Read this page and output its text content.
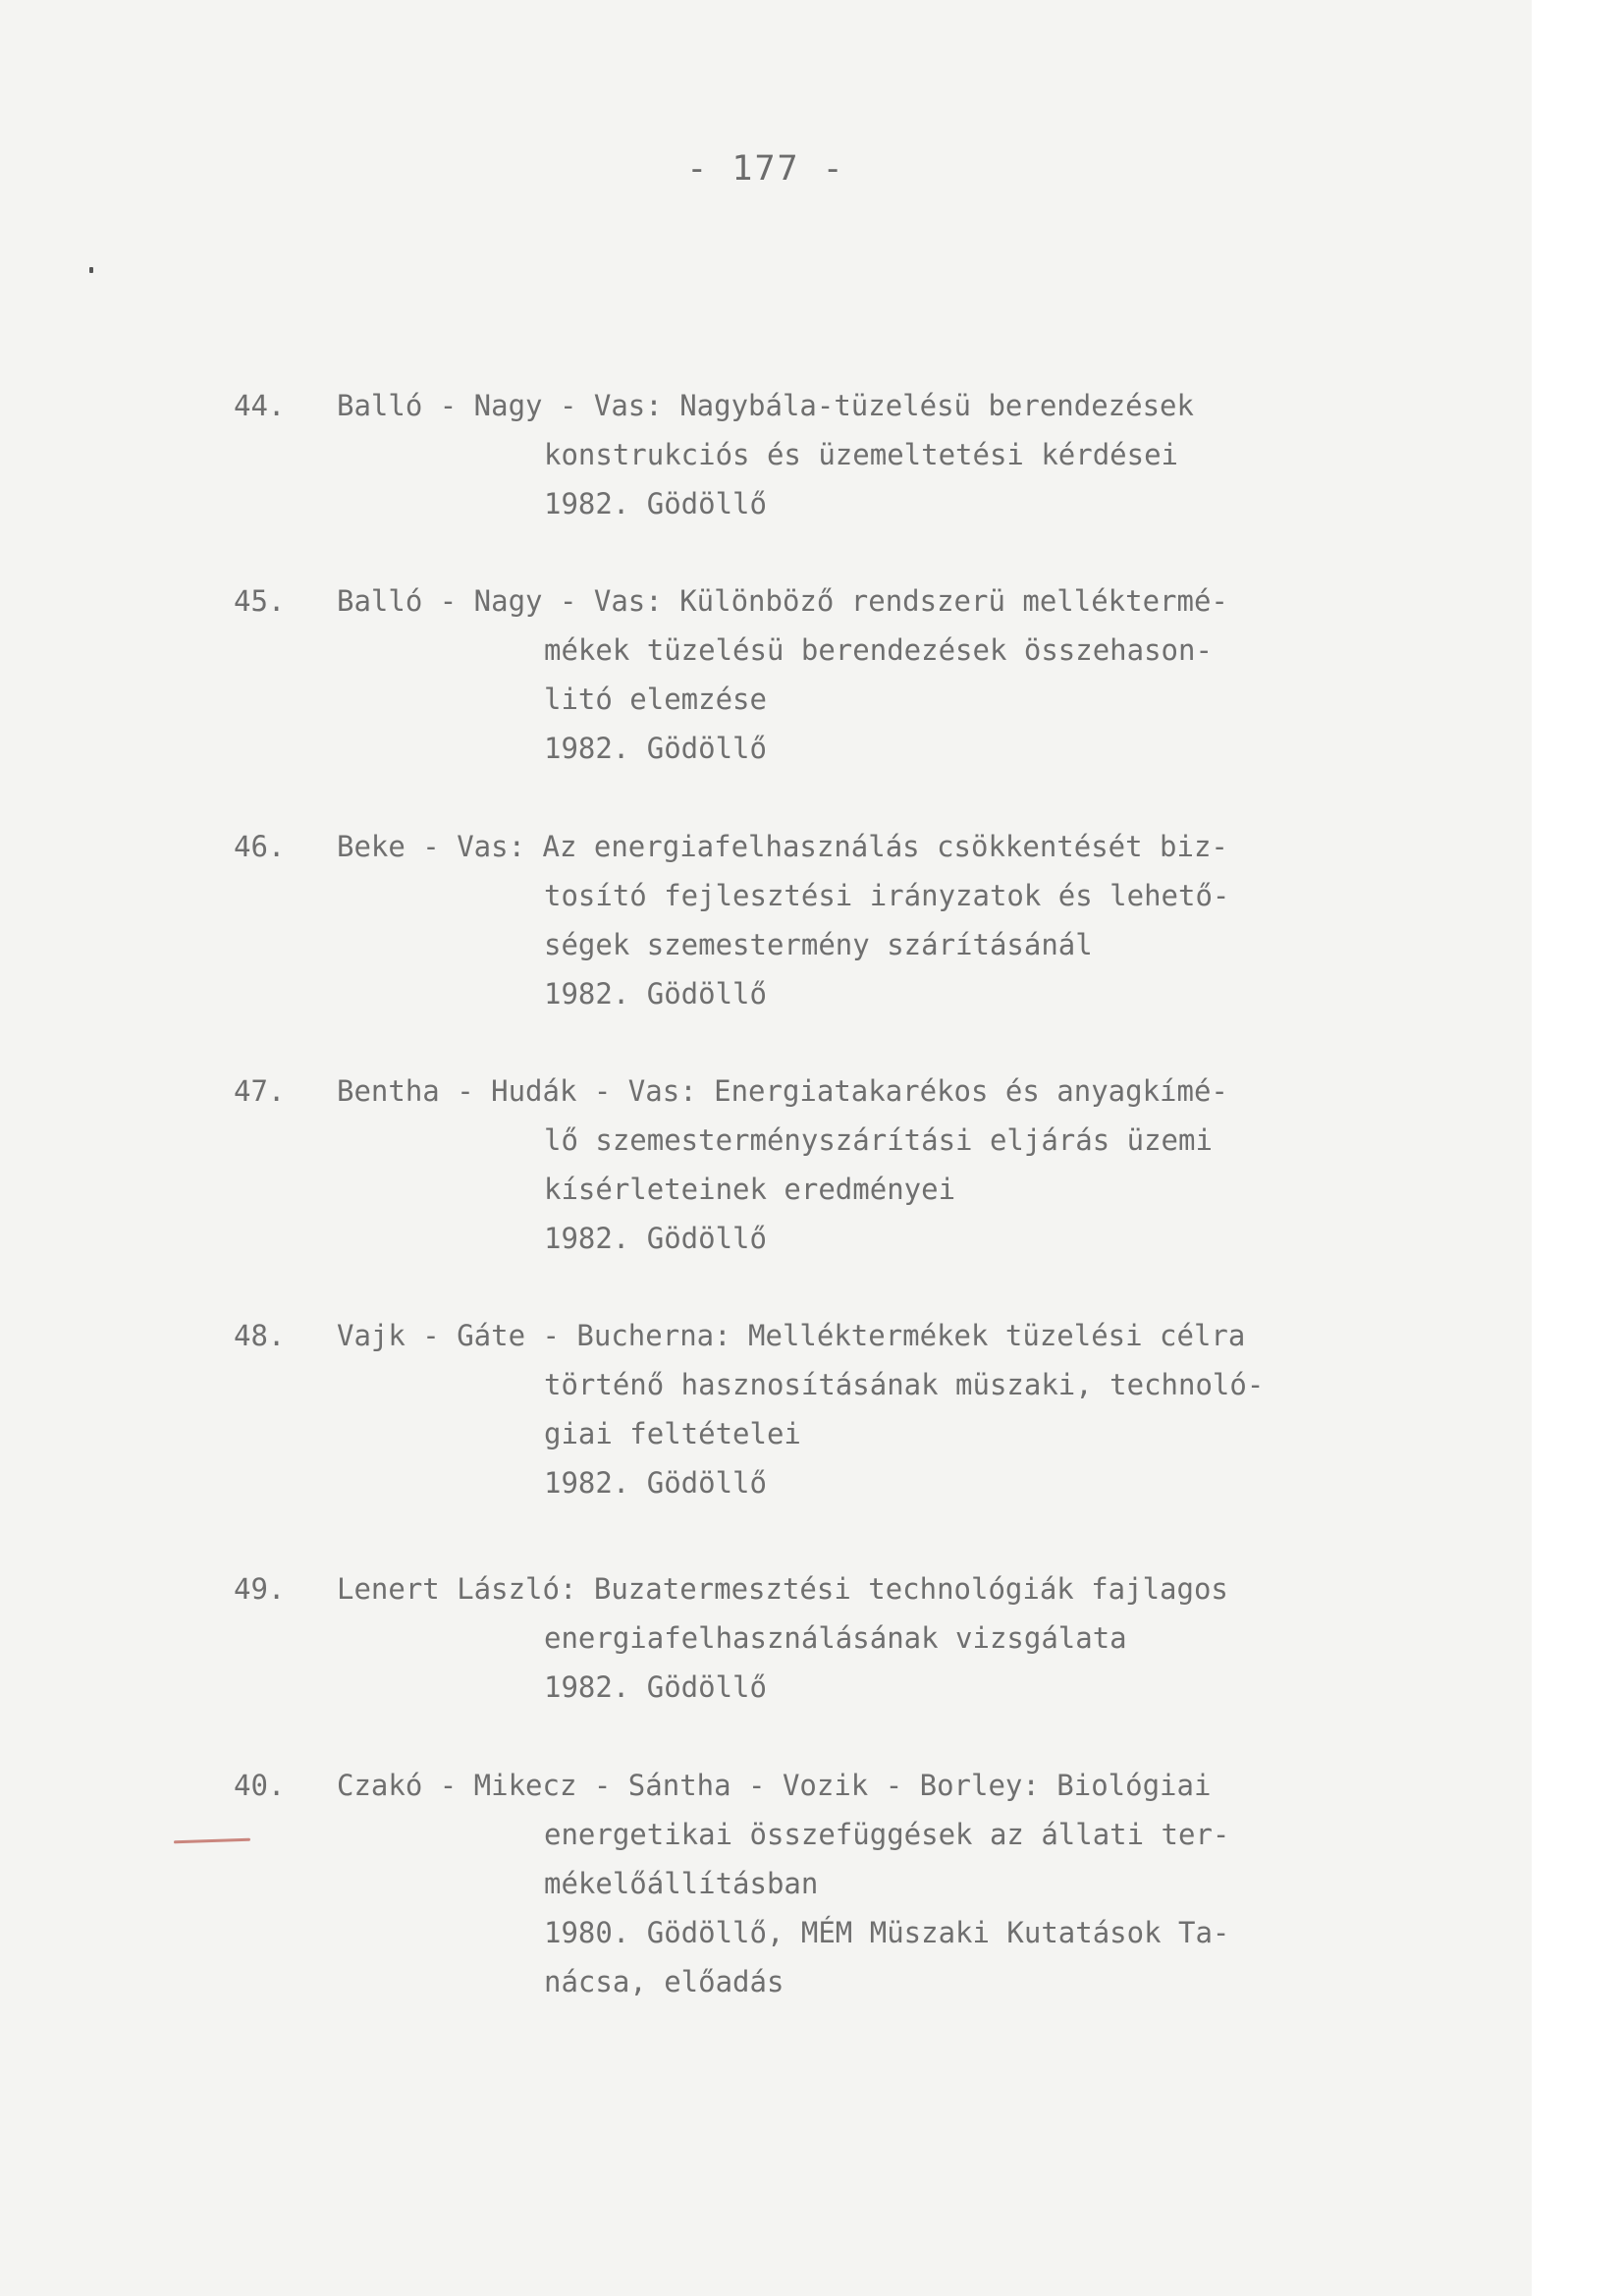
- 177 -
44. Balló - Nagy - Vas: Nagybála-tüzelésü berendezések
konstrukciós és üzemeltetési kérdései
1982. Gödöllő
45. Balló - Nagy - Vas: Különböző rendszerü melléktermé-
mékek tüzelésü berendezések összehason-
litó elemzése
1982. Gödöllő
46. Beke - Vas: Az energiafelhasználás csökkentését biz-
tosító fejlesztési irányzatok és lehető-
ségek szemestermény szárításánál
1982. Gödöllő
47. Bentha - Hudák - Vas: Energiatakarékos és anyagkímé-
lő szemesterményszárítási eljárás üzemi
kísérleteinek eredményei
1982. Gödöllő
48. Vajk - Gáte - Bucherna: Melléktermékek tüzelési célra
történő hasznosításának müszaki, technoló-
giai feltételei
1982. Gödöllő
49. Lenert László: Buzatermesztési technológiák fajlagos
energiafelhasználásának vizsgálata
1982. Gödöllő
40. Czakó - Mikecz - Sántha - Vozik - Borley: Biológiai
energetikai összefüggések az állati ter-
mékelőállításban
1980. Gödöllő, MÉM Müszaki Kutatások Ta-
nácsa, előadás
